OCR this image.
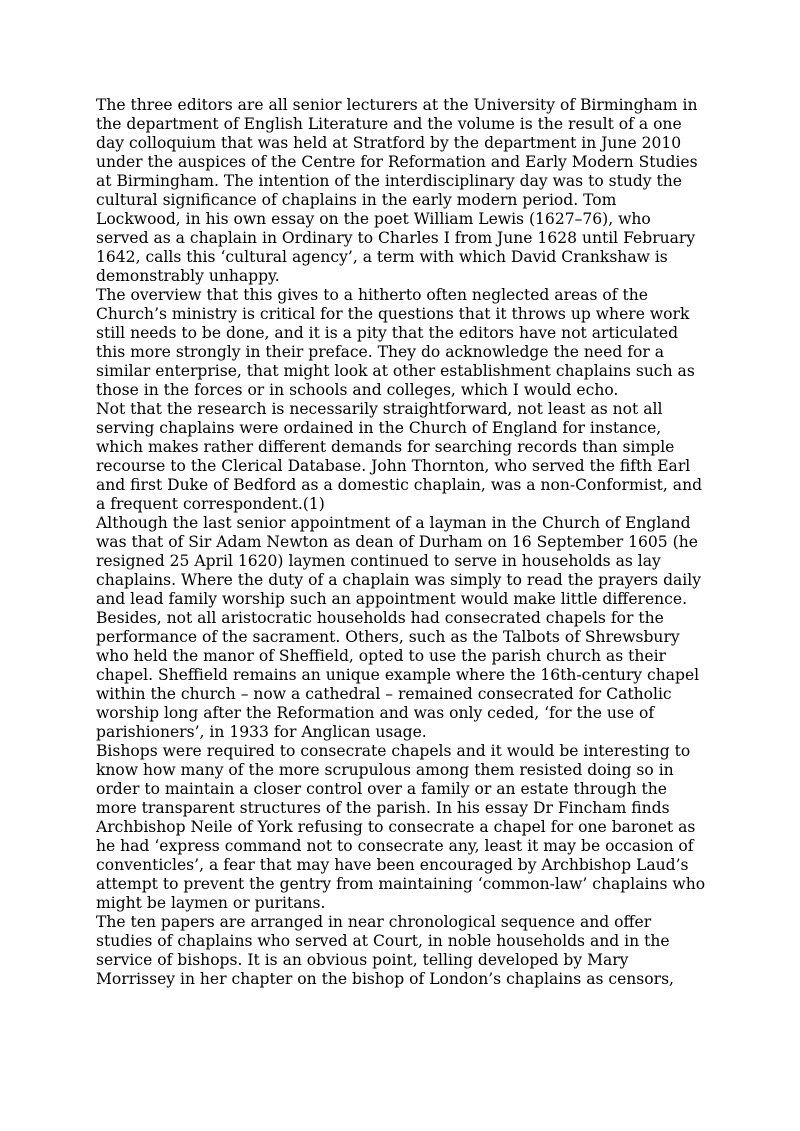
The three editors are all senior lecturers at the University of Birmingham in the department of English Literature and the volume is the result of a one day colloquium that was held at Stratford by the department in June 2010 under the auspices of the Centre for Reformation and Early Modern Studies at Birmingham. The intention of the interdisciplinary day was to study the cultural significance of chaplains in the early modern period. Tom Lockwood, in his own essay on the poet William Lewis (1627–76), who served as a chaplain in Ordinary to Charles I from June 1628 until February 1642, calls this ‘cultural agency’, a term with which David Crankshaw is demonstrably unhappy.

The overview that this gives to a hitherto often neglected areas of the Church’s ministry is critical for the questions that it throws up where work still needs to be done, and it is a pity that the editors have not articulated this more strongly in their preface. They do acknowledge the need for a similar enterprise, that might look at other establishment chaplains such as those in the forces or in schools and colleges, which I would echo.

Not that the research is necessarily straightforward, not least as not all serving chaplains were ordained in the Church of England for instance, which makes rather different demands for searching records than simple recourse to the Clerical Database. John Thornton, who served the fifth Earl and first Duke of Bedford as a domestic chaplain, was a non-Conformist, and a frequent correspondent.(1)

Although the last senior appointment of a layman in the Church of England was that of Sir Adam Newton as dean of Durham on 16 September 1605 (he resigned 25 April 1620) laymen continued to serve in households as lay chaplains. Where the duty of a chaplain was simply to read the prayers daily and lead family worship such an appointment would make little difference. Besides, not all aristocratic households had consecrated chapels for the performance of the sacrament. Others, such as the Talbots of Shrewsbury who held the manor of Sheffield, opted to use the parish church as their chapel. Sheffield remains an unique example where the 16th-century chapel within the church – now a cathedral – remained consecrated for Catholic worship long after the Reformation and was only ceded, ‘for the use of parishioners’, in 1933 for Anglican usage.

Bishops were required to consecrate chapels and it would be interesting to know how many of the more scrupulous among them resisted doing so in order to maintain a closer control over a family or an estate through the more transparent structures of the parish. In his essay Dr Fincham finds Archbishop Neile of York refusing to consecrate a chapel for one baronet as he had ‘express command not to consecrate any, least it may be occasion of conventicles’, a fear that may have been encouraged by Archbishop Laud’s attempt to prevent the gentry from maintaining ‘common-law’ chaplains who might be laymen or puritans.

The ten papers are arranged in near chronological sequence and offer studies of chaplains who served at Court, in noble households and in the service of bishops. It is an obvious point, telling developed by Mary Morrissey in her chapter on the bishop of London’s chaplains as censors,
